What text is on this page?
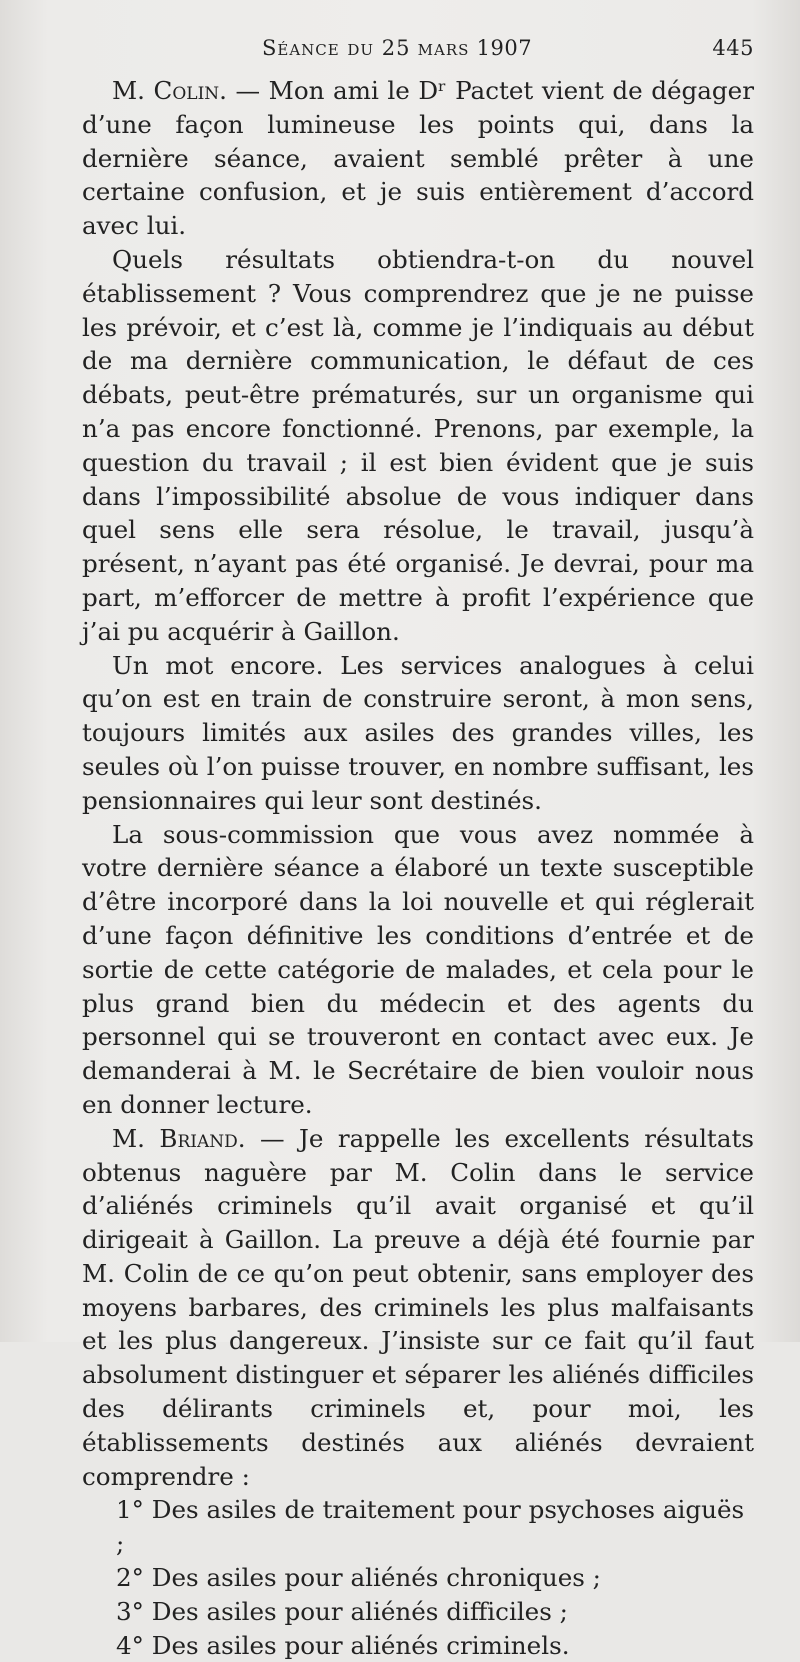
Séance du 25 mars 1907	445

M. Colin. — Mon ami le Dʳ Pactet vient de dégager d’une façon lumineuse les points qui, dans la dernière séance, avaient semblé prêter à une certaine confusion, et je suis entièrement d’accord avec lui.

Quels résultats obtiendra-t-on du nouvel établissement ? Vous comprendrez que je ne puisse les prévoir, et c’est là, comme je l’indiquais au début de ma dernière communication, le défaut de ces débats, peut-être prématurés, sur un organisme qui n’a pas encore fonctionné. Prenons, par exemple, la question du travail ; il est bien évident que je suis dans l’impossibilité absolue de vous indiquer dans quel sens elle sera résolue, le travail, jusqu’à présent, n’ayant pas été organisé. Je devrai, pour ma part, m’efforcer de mettre à profit l’expérience que j’ai pu acquérir à Gaillon.

Un mot encore. Les services analogues à celui qu’on est en train de construire seront, à mon sens, toujours limités aux asiles des grandes villes, les seules où l’on puisse trouver, en nombre suffisant, les pensionnaires qui leur sont destinés.

La sous-commission que vous avez nommée à votre dernière séance a élaboré un texte susceptible d’être incorporé dans la loi nouvelle et qui réglerait d’une façon définitive les conditions d’entrée et de sortie de cette catégorie de malades, et cela pour le plus grand bien du médecin et des agents du personnel qui se trouveront en contact avec eux. Je demanderai à M. le Secrétaire de bien vouloir nous en donner lecture.

M. Briand. — Je rappelle les excellents résultats obtenus naguère par M. Colin dans le service d’aliénés criminels qu’il avait organisé et qu’il dirigeait à Gaillon. La preuve a déjà été fournie par M. Colin de ce qu’on peut obtenir, sans employer des moyens barbares, des criminels les plus malfaisants et les plus dangereux. J’insiste sur ce fait qu’il faut absolument distinguer et séparer les aliénés difficiles des délirants criminels et, pour moi, les établissements destinés aux aliénés devraient comprendre :

1° Des asiles de traitement pour psychoses aiguës ;

2° Des asiles pour aliénés chroniques ;

3° Des asiles pour aliénés difficiles ;

4° Des asiles pour aliénés criminels.
